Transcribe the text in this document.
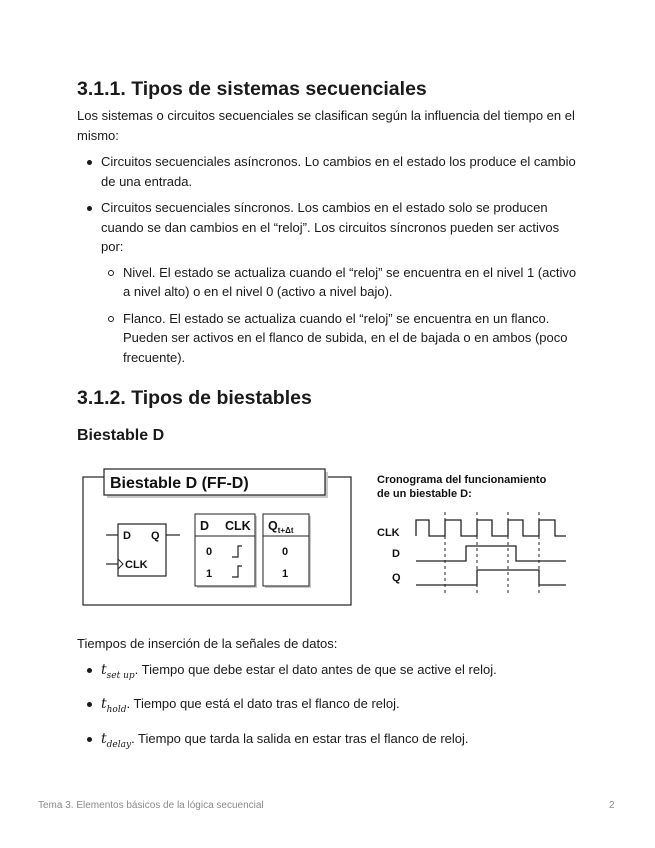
3.1.1. Tipos de sistemas secuenciales

Los sistemas o circuitos secuenciales se clasifican según la influencia del tiempo en el mismo:

Circuitos secuenciales asíncronos. Lo cambios en el estado los produce el cambio de una entrada.
Circuitos secuenciales síncronos. Los cambios en el estado solo se producen cuando se dan cambios en el “reloj”. Los circuitos síncronos pueden ser activos por:
Nivel. El estado se actualiza cuando el “reloj” se encuentra en el nivel 1 (activo a nivel alto) o en el nivel 0 (activo a nivel bajo).
Flanco. El estado se actualiza cuando el “reloj” se encuentra en un flanco. Pueden ser activos en el flanco de subida, en el de bajada o en ambos (poco frecuente).
3.1.2. Tipos de biestables
Biestable D
Biestable D (FF-D)
D Q
CLK
D CLK
0
1
$Q_{t+\Delta t}$
0
1
Cronograma del funcionamiento
de un biestable D:
CLK
D
Q

Tiempos de inserción de la señales de datos:

$t_{set up}$. Tiempo que debe estar el dato antes de que se active el reloj.
$t_{hold}$. Tiempo que está el dato tras el flanco de reloj.
$t_{delay}$. Tiempo que tarda la salida en estar tras el flanco de reloj.
Tema 3. Elementos básicos de la lógica secuencial	2
